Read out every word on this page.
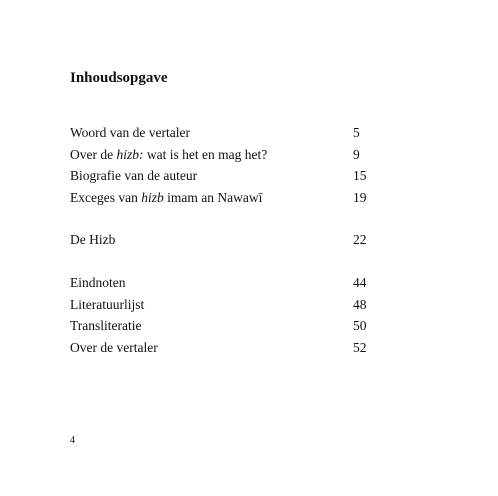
Inhoudsopgave
Woord van de vertaler	5
Over de hizb: wat is het en mag het?	9
Biografie van de auteur	15
Exceges van hizb imam an Nawawī	19
De Hizb	22
Eindnoten	44
Literatuurlijst	48
Transliteratie	50
Over de vertaler	52
4
